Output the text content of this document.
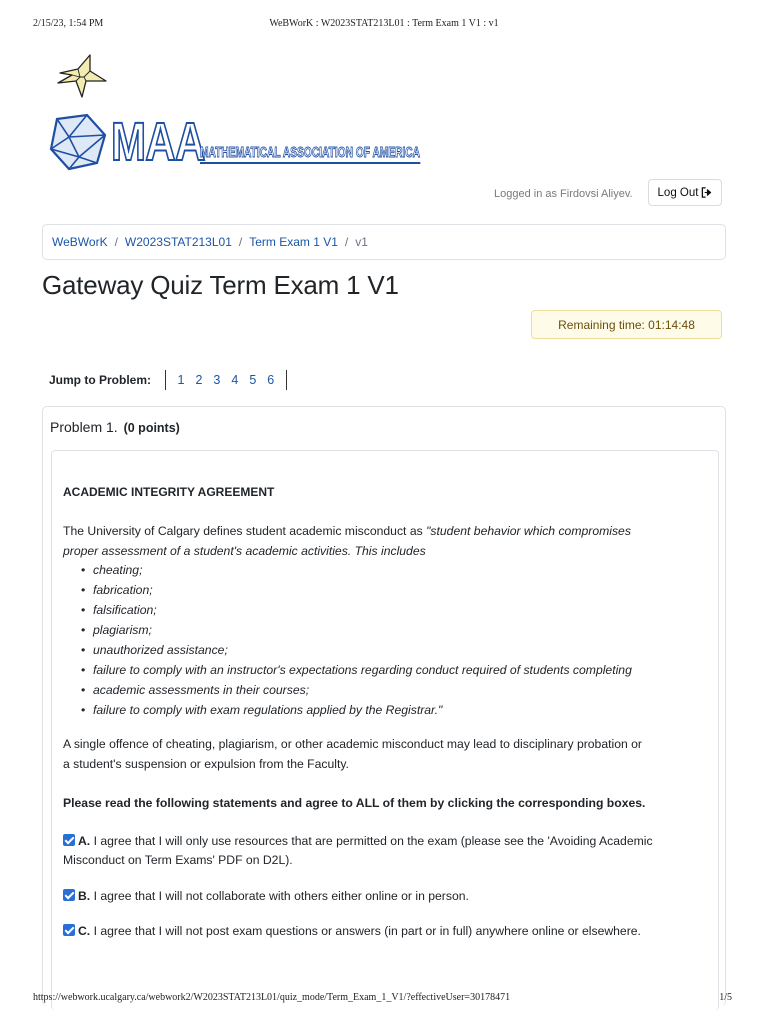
2/15/23, 1:54 PM	WeBWorK : W2023STAT213L01 : Term Exam 1 V1 : v1
MAA
MATHEMATICAL ASSOCIATION OF AMERICA
Logged in as Firdovsi Aliyev. Log Out
WeBWorK / W2023STAT213L01 / Term Exam 1 V1 / v1
Gateway Quiz Term Exam 1 V1
Remaining time: 01:14:48
Jump to Problem: 1 2 3 4 5 6
Problem 1. (0 points)
ACADEMIC INTEGRITY AGREEMENT
The University of Calgary defines student academic misconduct as "student behavior which compromises
proper assessment of a student's academic activities. This includes
• cheating;
• fabrication;
• falsification;
• plagiarism;
• unauthorized assistance;
• failure to comply with an instructor's expectations regarding conduct required of students completing
• academic assessments in their courses;
• failure to comply with exam regulations applied by the Registrar."
A single offence of cheating, plagiarism, or other academic misconduct may lead to disciplinary probation or
a student's suspension or expulsion from the Faculty.
Please read the following statements and agree to ALL of them by clicking the corresponding boxes.
A. I agree that I will only use resources that are permitted on the exam (please see the 'Avoiding Academic Misconduct on Term Exams' PDF on D2L).
B. I agree that I will not collaborate with others either online or in person.
C. I agree that I will not post exam questions or answers (in part or in full) anywhere online or elsewhere.
https://webwork.ucalgary.ca/webwork2/W2023STAT213L01/quiz_mode/Term_Exam_1_V1/?effectiveUser=30178471	1/5
